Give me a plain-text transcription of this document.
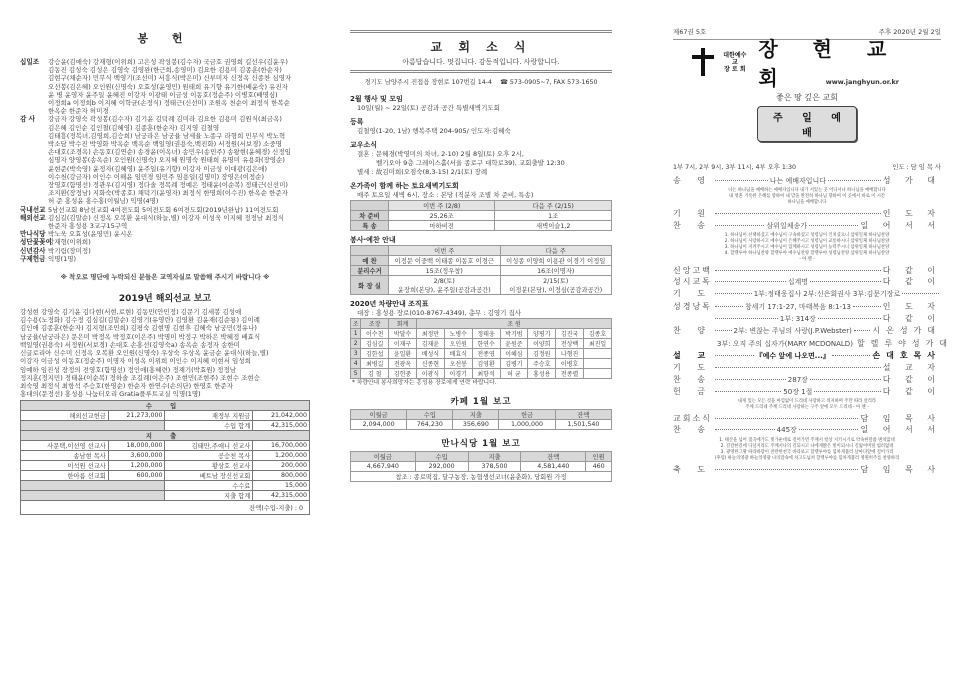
봉 헌
십일조	강승윤(김애숙) 강재형(이위희) 고은성 곽성봉(김수자) 국금호 권영희 길선우(김윤우)
김동진 김성숙 김성은 김영숙 김영완(한근희,송영미) 김요한 김용미 김종훈(한순자)
김현구(채순자) 민무식 백영기(조선미) 서흥식(박은미) 신부미자 신정옥 신종찬 심영자
오선봉(김은혜) 오인원(신명숙) 오효성(윤영민) 원태희 유기향 유기한(배윤숙) 유진자
윤 병 윤영자 윤주일 윤혜진 이강자 이광태 이금성 이동호(정순주) 이병호(배명심)
이정희a 이정희b 이지혜 이학균(손정식) 정태근(신선미) 조원옥 천순이 최정식 한복순
한옥순 한준자 허미경
감 사	강금자 강영숙 곽성봉(김수자) 김기윤 김덕례 김미라 김요한 김용미 김원식(최금옥)
김은혜 김인순 김인철(김혜영) 김종훈(한순자) 김지영 김철영
김태흥(정복녀,김영희,김승희) 남궁라은 남궁율 남세율 노종구 라형희 민무식 박노혁
박소담 박수진 박영화 박옥순 백옥순 백일영(권용숙,백진화) 서정원(서보경) 소중명
손대호(조경옥) 손동호(김연순) 송경윤(이옥녀) 송민우(송민주) 송왕현(윤혜경) 신정임
심명자 양영봉(송옥순) 오인원(신명숙) 오지혜 원명숙 원태희 유명미 유용화(장영순)
윤현준(박숙영) 윤정자(김혜영) 윤주일(유기향) 이강자 이금성 이대광(김은애)
이수천(강금자) 이인수 이해윤 임민경 임민주 임용일(김명미) 장영은(이정순)
장영호(함명선) 정관우(김지영) 정다솔 정목례 정예은 정태윤(이순복) 정태근(신선미)
조지환(장정남) 지화숙(박종호) 채덕기(윤영자) 최정식 한명희(이수진) 한옥순 한준자
허 준 홍성윤 홍수홍(이월님) 익명(4명)
국내선교 5남선교회 8남선교회 4여전도회 5여전도회 6여전도회(2019년완납) 11여전도회
해외선교 김심길(김말순) 신정옥 오복환 윤대식(하늘,별) 이강자 이성욱 이지혜 정정남 최정식
한준자 홍성용 3교구15구역
만나식당 박노욱 오효성(윤영민) 윤시온
성단꽃꽂이
강재형(이위희)
신년감사 박기림(장미정)
구제헌금 익명(1명)
※ 착오로 명단에 누락되신 분들은 교역자실로 말씀해 주시기 바랍니다 ※
2019년 해외선교 보고
강성현 강영숙 김기윤 김다현(서현,로현) 김동민(안민정) 김문기 김세봉 김성애
김수용(노정화) 김수정 김심길(김말순) 김영기(유영란) 김영환 김윤재(김순룡) 김이례
김인애 김종훈(한순자) 김지형(조민희) 김평숙 김현명 김현후 김혜숙 남궁민(정유나)
남궁율(남궁라은) 문은미 박정옥 박정호(이은주) 박명미 박정구 박하은 박혜정 배효식
백일영(권용숙) 서정원(서보경) 손대호 손홍선(김영숙a) 송옥순 송정자 송한미
신글로리아 신수미 신정옥 오복환 오인원(신명숙) 우상숙 우상옥 윤금순 윤대식(하늘,별)
이강자 이금성 이동호(정순주) 이명자 이성옥 이위희 이인수 이지혜 이현서 임성희
임예하 임진성 장정의 전영호(함명선) 정인애(홍혜련) 정재기(박효원) 정정남
정지훈(정지민) 정태윤(이순복) 정하솔 조길례(이은주) 조현민(조현주) 조현수 조현승
최숙영 최정식 최항석 주승호(한영순) 한순자 한연수(손의단) 한영호 한준자
홍대의(문정선) 홍성용 나눔터오리 Gratia플루트교실 익명(1명)
수 입			
해외선교헌금	21,273,000	재정부 지원금	21,042,000
		수입 합계	42,315,000
지 출			
사문택,이선영 선교사	18,000,000	김태만,주애니 선교사	16,700,000
송남현 목사	3,600,000	공승천 목사	1,200,000
이석원 선교사	1,200,000	황상호 선교사	200,000
한아름 선교회	600,000	베트남 장신선교회	800,000
		수수료	15,000
		지출 합계	42,315,000
잔액(수입-지출) : 0			
교 회 소 식
아름답습니다. 멋집니다. 감동적입니다. 사랑합니다.
경기도 남양주시 진접읍 장현로 107번길 14-4 ☎ 573-0905~7, FAX 573-1650
2월 행사 및 모임
10일(월) ~ 22일(토) 공감과 공간 특별새벽기도회
등록
김철영(1-20, 1남) 행복주택 204-905/ 인도자:김혜숙
교우소식
결혼 : 문혜경(박영미의 차녀, 2-10) 2월 8일(토) 오후 2시,
벨기오아 9층 그레이스홀(서울 종로구 대학로39), 교회출발 12:30
별세 : 故김미희(오점숙(8,3-15) 2/1(토) 장례
온가족이 함께 하는 토요새벽기도회
매주 토요일 새벽 6시, 장소 : 본당 (직분자 조별 차 준비, 특송)
	이번 주 (2/8)	다음 주 (2/15)
차 준비	25,26조	1조
특 송	마하비전	새벽이슬1,2
봉사·예찬 안내
	이번 주	다음 주
예 찬	이정문 이중백 이태종 이동호 이경근	이성종 이양희 이용관 이경기 이정일
분리수거	15조(정우창)	16조(이명자)
화 장 실	2/8(토)
윤장희(본당), 윤주일(공감과공간)	2/15(토)
이정분(본당), 이정심(공감과공간)
2020년 차량안내 조직표
대장 : 홍성용 장로(010-8767-4349), 총무 : 김영기 집사
조	조장	회계	조 원						
1	이수천	박달수	최정만	노병수	정태웅	박기범	양평기	김진국	김종호
2	김심길	이재구	김재윤	오인원	한연수	윤원준	이양희	전상백	최진일
3	김한섭	윤일환	배성식	배효식	전종영	이혜심	김정원	나형진	
4	최병길	전광옥	신종현	오선봉	김영환	김병기	주승호	이병호	
5	김 철	김헌중	이광식	이경기	최항석	허 균	홍성용	전종렬	
* 차량안내 봉사희망자는 홍성용 장로에게 연락 바랍니다.
카페 1월 보고
이월금	수입	지출	헌금	잔액
2,094,000	764,230	356,690	1,000,000	1,501,540
만나식당 1월 보고
이월금	수입	지출	잔액	인원
4,667,940	292,000	378,500	4,581,440	460
참조 : 종로떡집, 달구농장, 농협생선코너(윤춘화), 당회원 가정				
제67권 5호	주후 2020년 2월 2일
대한예수교
장 로 회
장 현 교 회	www.janghyun.or.kr
좋은 땅 깊은 교회
주 일 예 배
1부 7시, 2부 9시, 3부 11시, 4부 오후 1:30	인도 : 담 임 목 사
송 영	나는 예배자입니다	성 가 대
나는 하나님을 예배하는 예배자입니다 내가 서있는 곳 어디서나 하나님을 예배합니다
내 영혼 거룩한 은혜를 향하여 내 맘을 완전히 하나님 향하여 이 곳에서 바로 이 시간
하나님을 예배합니다
기 원	인 도 자
찬 송	삼위일체송가	일 어 서 서
1. 하나님이 선택하셨고 예수님이 구속하셨고 성령님이 인치셨으니 삼위일체 하나님찬양
2. 하나님이 사랑하시고 예수님이 은혜주시고 성령님이 교통하시니 삼위일체 하나님찬양
3. 하나님이 지켜주시고 예수님이 함께하시고 성령님이 능력주시니 삼위일체 하나님찬양
4. 할렐루야 하나님찬양 할렐루야 예수님찬양 할렐루야 성령님찬양 삼위일체 하나님찬양
- 아 멘 -
신앙고백	다 같 이
성시교독	십계명	다 같 이
기 도	1부:정태웅집사 2부:신은회권사 3부:김문기장로
성경낭독	창세기 17:1-27, 마태복음 8:1-13	인 도 자
1부: 314장	다 같 이
찬 양	2부: 변찮는 주님의 사랑(J.P.Webster)	시온성가대
3부: 오직 주의 십자가(MARY MCDONALD) 할렐루야성가대
설 교	『예수 앞에 나오면...』	손대호목사
기 도	설 교 자
찬 송	287장	다 같 이
헌 금	50장 1절	다 같 이
내게 있는 모든 것을 아낌없이 드리네 사랑하고 의지하며 주만 따라 살리라
주께 드리네 주께 드리네 사랑하는 구주 앞에 모두 드리네 - 아 멘 -
교회소식	담 임 목 사
찬 송	445장	일 어 서 서
1. 태산을 넘어 험곡에가도 빛가운데로 걸어가면 주께서 항상 지키시기로 약속한말씀 변치않네
2. 길갈한길에 다닐지라도 주께서나의 길되시고 나에게밝은 빛이되시니 길잃어버릴 염려없네
3. 광명한그땅 따라바랑이 찬란한천국 바라보고 할렐루야를 힘차게불러 날마다앞에 걸어가리
(후렴) 하늘의영광 하늘의영광 나의맘속에 차고도넘쳐 할렐루야를 힘차게불러 영원히주를 찬양하리
축 도	담 임 목 사
